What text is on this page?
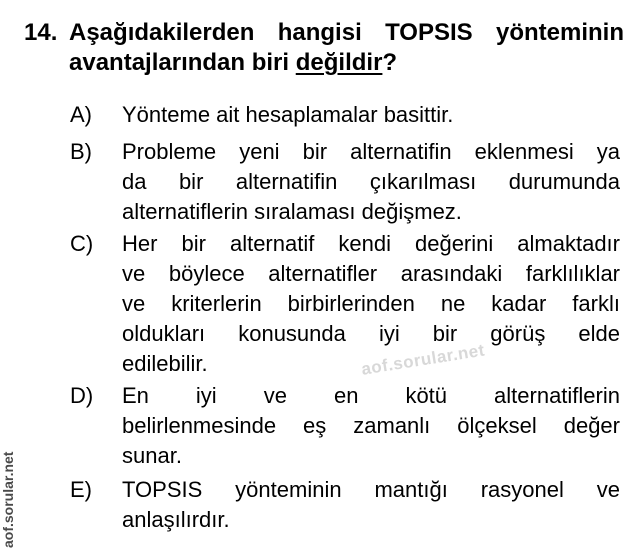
14. Aşağıdakilerden hangisi TOPSIS yönteminin
avantajlarından biri değildir?
A) Yönteme ait hesaplamalar basittir.
B) Probleme yeni bir alternatifin eklenmesi ya
da bir alternatifin çıkarılması durumunda
alternatiflerin sıralaması değişmez.
C) Her bir alternatif kendi değerini almaktadır
ve böylece alternatifler arasındaki farklılıklar
ve kriterlerin birbirlerinden ne kadar farklı
oldukları konusunda iyi bir görüş elde
edilebilir.
D) En iyi ve en kötü alternatiflerin
belirlenmesinde eş zamanlı ölçeksel değer
sunar.
E) TOPSIS yönteminin mantığı rasyonel ve
anlaşılırdır.
aof.sorular.net
aof.sorular.net
